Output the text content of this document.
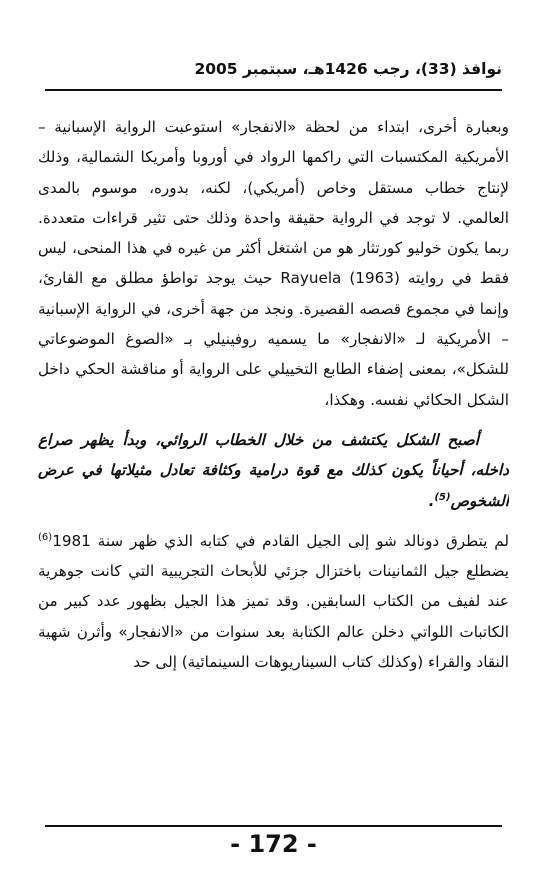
نوافذ (33)، رجب 1426هـ، سبتمبر 2005

وبعبارة أخرى، ابتداء من لحظة «الانفجار» استوعبت الرواية الإسبانية – الأمريكية المكتسبات التي راكمها الرواد في أوروبا وأمريكا الشمالية، وذلك لإنتاج خطاب مستقل وخاص (أمريكي)، لكنه، بدوره، موسوم بالمدى العالمي. لا توجد في الرواية حقيقة واحدة وذلك حتى تثير قراءات متعددة. ربما يكون خوليو كورتثار هو من اشتغل أكثر من غيره في هذا المنحى، ليس فقط في روايته Rayuela (1963) حيث يوجد تواطؤ مطلق مع القارئ، وإنما في مجموع قصصه القصيرة. ونجد من جهة أخرى، في الرواية الإسبانية – الأمريكية لـ «الانفجار» ما يسميه روفينيلي بـ «الصوغ الموضوعاتي للشكل»، بمعنى إضفاء الطابع التخييلي على الرواية أو مناقشة الحكي داخل الشكل الحكائي نفسه. وهكذا،

أصبح الشكل يكتشف من خلال الخطاب الروائي، وبدأ يظهر صراع داخله، أحياناً يكون كذلك مع قوة درامية وكثافة تعادل مثيلاتها في عرض الشخوص$^{(5)}$.

لم يتطرق دونالد شو إلى الجيل القادم في كتابه الذي ظهر سنة 1981$^{(6)}$ يضطلع جيل الثمانينات باختزال جزئي للأبحاث التجريبية التي كانت جوهرية عند لفيف من الكتاب السابقين. وقد تميز هذا الجيل بظهور عدد كبير من الكاتبات اللواتي دخلن عالم الكتابة بعد سنوات من «الانفجار» وأثرن شهية النقاد والقراء (وكذلك كتاب السيناريوهات السينمائية) إلى حد

- 172 -
